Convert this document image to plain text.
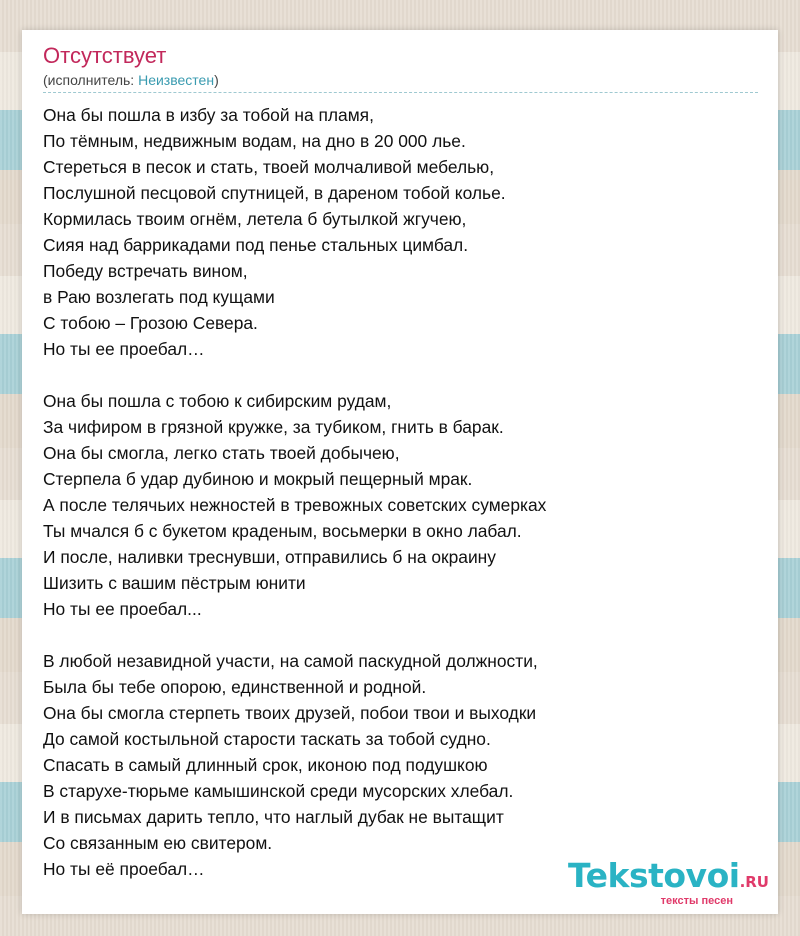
Отсутствует
(исполнитель: Неизвестен)
Она бы пошла в избу за тобой на пламя,
По тёмным, недвижным водам, на дно в 20 000 лье.
Стереться в песок и стать, твоей молчаливой мебелью,
Послушной песцовой спутницей, в дареном тобой колье.
Кормилась твоим огнём, летела б бутылкой жгучею,
Сияя над баррикадами под пенье стальных цимбал.
Победу встречать вином,
в Раю возлегать под кущами
С тобою – Грозою Севера.
Но ты ее проебал…
Она бы пошла с тобою к сибирским рудам,
За чифиром в грязной кружке, за тубиком, гнить в барак.
Она бы смогла, легко стать твоей добычею,
Стерпела б удар дубиною и мокрый пещерный мрак.
А после телячьих нежностей в тревожных советских сумерках
Ты мчался б с букетом краденым, восьмерки в окно лабал.
И после, наливки треснувши, отправились б на окраину
Шизить с вашим пёстрым юнити
Но ты ее проебал...
В любой незавидной участи, на самой паскудной должности,
Была бы тебе опорою, единственной и родной.
Она бы смогла стерпеть твоих друзей, побои твои и выходки
До самой костыльной старости таскать за тобой судно.
Спасать в самый длинный срок, иконою под подушкою
В старухе-тюрьме камышинской среди мусорских хлебал.
И в письмах дарить тепло, что наглый дубак не вытащит
Со связанным ею свитером.
Но ты её проебал…	Tekstovoi.RU
тексты песен
